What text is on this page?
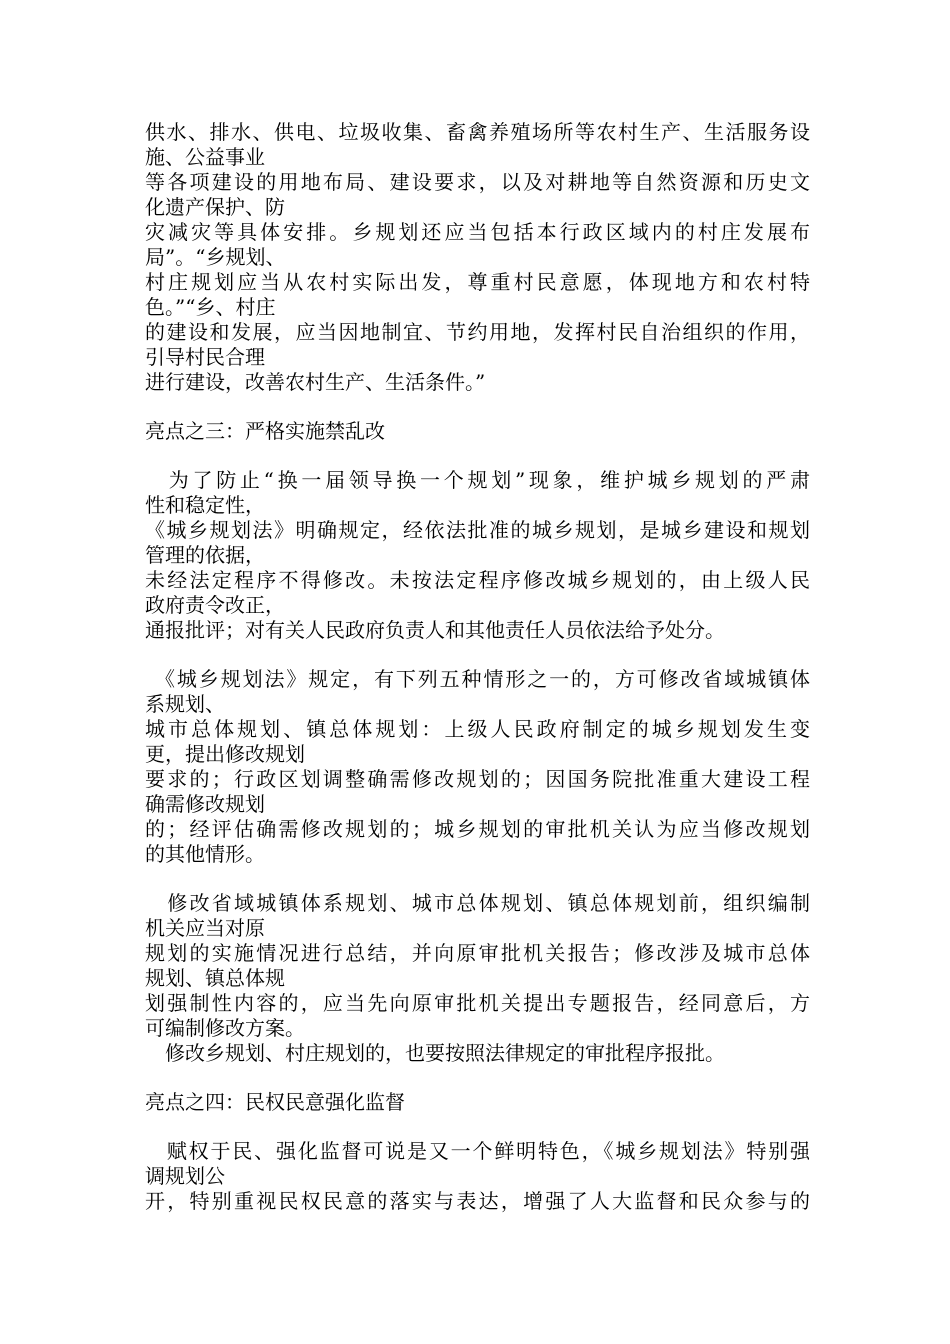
供水、排水、供电、垃圾收集、畜禽养殖场所等农村生产、生活服务设
施、公益事业
等各项建设的用地布局、建设要求，以及对耕地等自然资源和历史文
化遗产保护、防
灾减灾等具体安排。乡规划还应当包括本行政区域内的村庄发展布
局”。“乡规划、
村庄规划应当从农村实际出发，尊重村民意愿，体现地方和农村特
色。”“乡、村庄
的建设和发展，应当因地制宜、节约用地，发挥村民自治组织的作用，
引导村民合理
进行建设，改善农村生产、生活条件。”
亮点之三：严格实施禁乱改
　为了防止“换一届领导换一个规划”现象，维护城乡规划的严肃
性和稳定性，
《城乡规划法》明确规定，经依法批准的城乡规划，是城乡建设和规划
管理的依据，
未经法定程序不得修改。未按法定程序修改城乡规划的，由上级人民
政府责令改正，
通报批评；对有关人民政府负责人和其他责任人员依法给予处分。
《城乡规划法》规定，有下列五种情形之一的，方可修改省域城镇体
系规划、
城市总体规划、镇总体规划：上级人民政府制定的城乡规划发生变
更，提出修改规划
要求的；行政区划调整确需修改规划的；因国务院批准重大建设工程
确需修改规划
的；经评估确需修改规划的；城乡规划的审批机关认为应当修改规划
的其他情形。
　修改省域城镇体系规划、城市总体规划、镇总体规划前，组织编制
机关应当对原
规划的实施情况进行总结，并向原审批机关报告；修改涉及城市总体
规划、镇总体规
划强制性内容的，应当先向原审批机关提出专题报告，经同意后，方
可编制修改方案。
　修改乡规划、村庄规划的，也要按照法律规定的审批程序报批。
亮点之四：民权民意强化监督
　赋权于民、强化监督可说是又一个鲜明特色，《城乡规划法》特别强
调规划公
开，特别重视民权民意的落实与表达，增强了人大监督和民众参与的
